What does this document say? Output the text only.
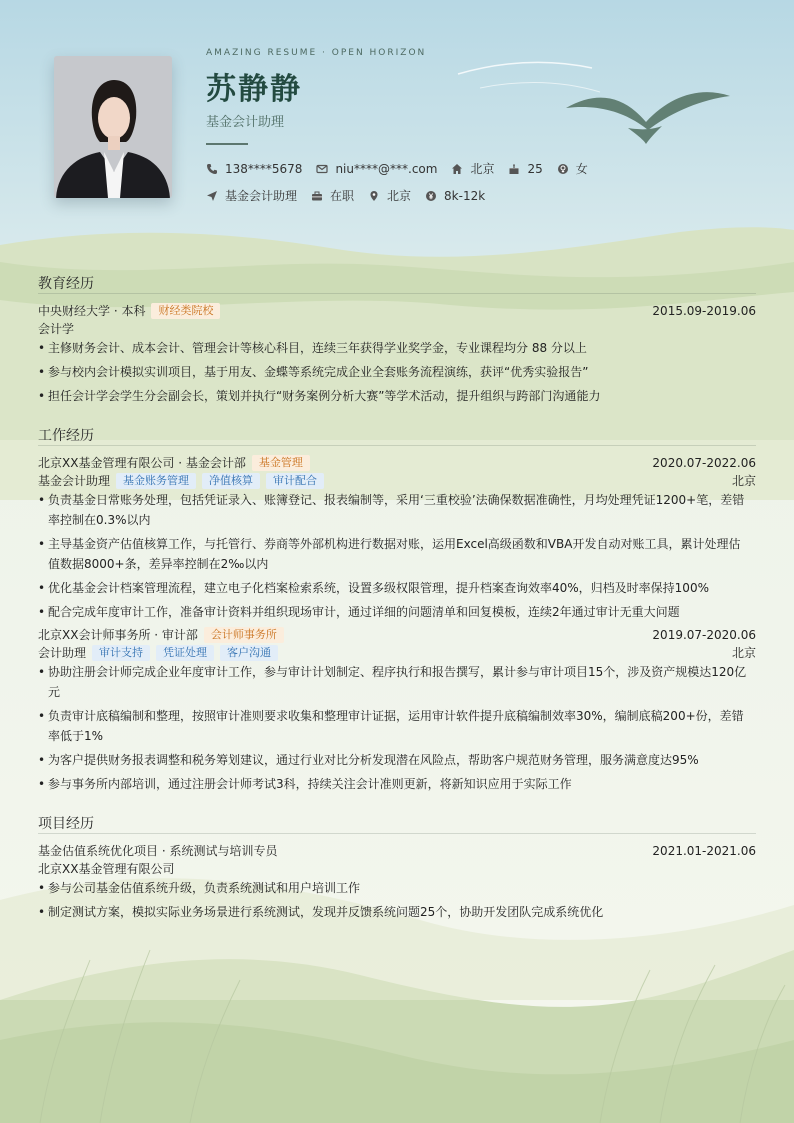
AMAZING RESUME · OPEN HORIZON
苏静静
基金会计助理
138****5678	niu****@***.com	北京	25	女
基金会计助理	在职	北京	8k-12k
教育经历
中央财经大学 · 本科	财经类院校	2015.09-2019.06
会计学
• 主修财务会计、成本会计、管理会计等核心科目，连续三年获得学业奖学金，专业课程均分 88 分以上
• 参与校内会计模拟实训项目，基于用友、金蝶等系统完成企业全套账务流程演练，获评“优秀实验报告”
• 担任会计学会学生分会副会长，策划并执行“财务案例分析大赛”等学术活动，提升组织与跨部门沟通能力
工作经历
北京XX基金管理有限公司 · 基金会计部	基金管理	2020.07-2022.06
基金会计助理	基金账务管理	净值核算	审计配合	北京
• 负责基金日常账务处理，包括凭证录入、账簿登记、报表编制等，采用‘三重校验’法确保数据准确性，月均处理凭证1200+笔，差错率控制在0.3%以内
• 主导基金资产估值核算工作，与托管行、券商等外部机构进行数据对账，运用Excel高级函数和VBA开发自动对账工具，累计处理估值数据8000+条，差异率控制在2‰以内
• 优化基金会计档案管理流程，建立电子化档案检索系统，设置多级权限管理，提升档案查询效率40%，归档及时率保持100%
• 配合完成年度审计工作，准备审计资料并组织现场审计，通过详细的问题清单和回复模板，连续2年通过审计无重大问题
北京XX会计师事务所 · 审计部	会计师事务所	2019.07-2020.06
会计助理	审计支持	凭证处理	客户沟通	北京
• 协助注册会计师完成企业年度审计工作，参与审计计划制定、程序执行和报告撰写，累计参与审计项目15个，涉及资产规模达120亿元
• 负责审计底稿编制和整理，按照审计准则要求收集和整理审计证据，运用审计软件提升底稿编制效率30%，编制底稿200+份，差错率低于1%
• 为客户提供财务报表调整和税务筹划建议，通过行业对比分析发现潜在风险点，帮助客户规范财务管理，服务满意度达95%
• 参与事务所内部培训，通过注册会计师考试3科，持续关注会计准则更新，将新知识应用于实际工作
项目经历
基金估值系统优化项目 · 系统测试与培训专员	2021.01-2021.06
北京XX基金管理有限公司
• 参与公司基金估值系统升级，负责系统测试和用户培训工作
• 制定测试方案，模拟实际业务场景进行系统测试，发现并反馈系统问题25个，协助开发团队完成系统优化
